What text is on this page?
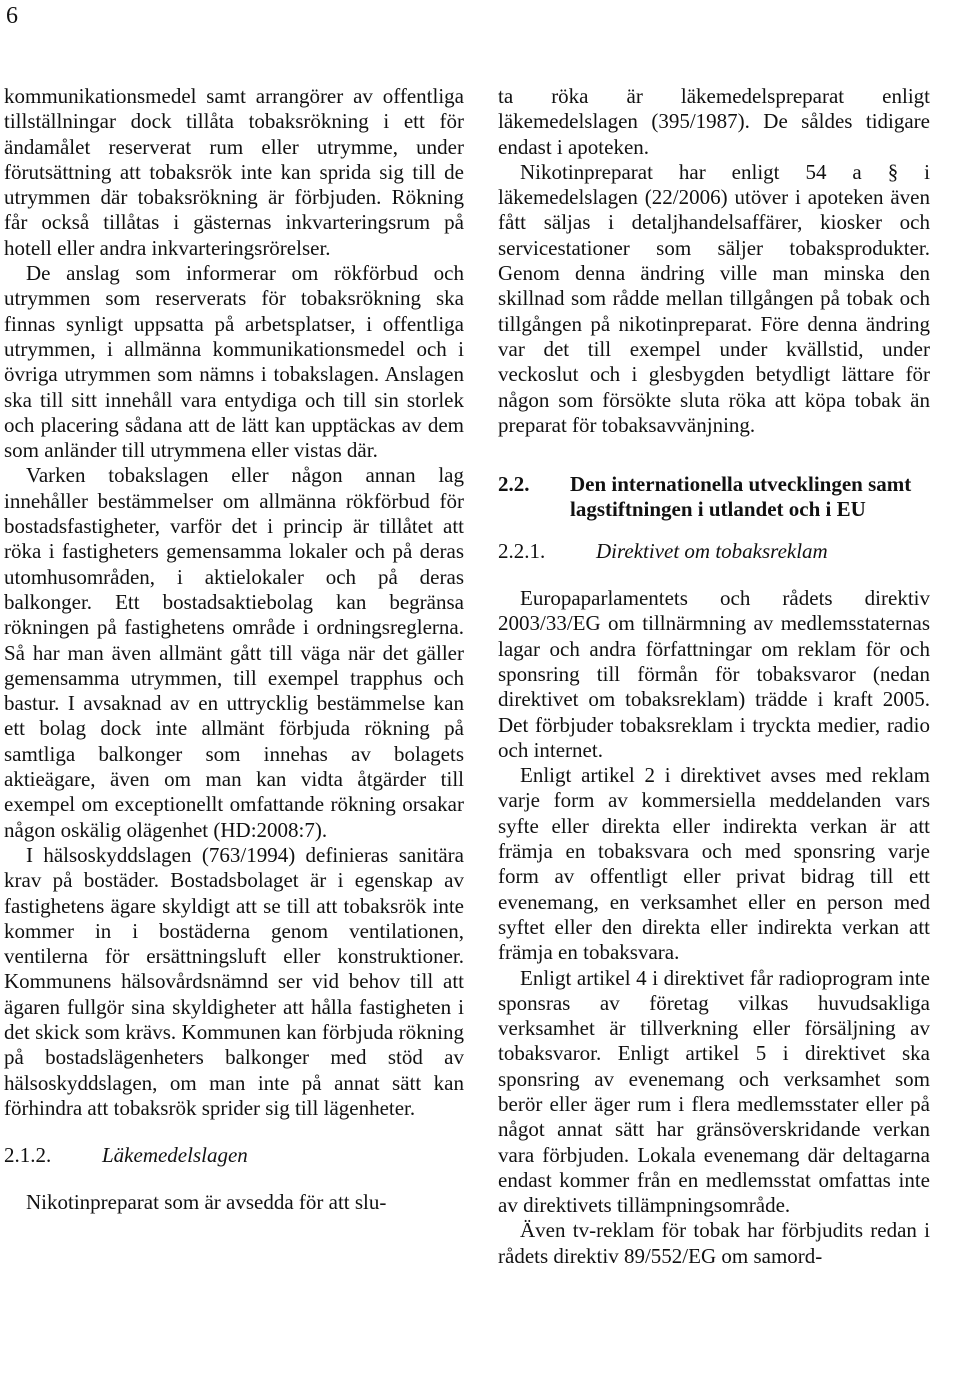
6

kommunikationsmedel samt arrangörer av offentliga tillställningar dock tillåta tobaksrökning i ett för ändamålet reserverat rum eller utrymme, under förutsättning att tobaksrök inte kan sprida sig till de utrymmen där tobaksrökning är förbjuden. Rökning får också tillåtas i gästernas inkvarteringsrum på hotell eller andra inkvarteringsrörelser.

De anslag som informerar om rökförbud och utrymmen som reserverats för tobaksrökning ska finnas synligt uppsatta på arbetsplatser, i offentliga utrymmen, i allmänna kommunikationsmedel och i övriga utrymmen som nämns i tobakslagen. Anslagen ska till sitt innehåll vara entydiga och till sin storlek och placering sådana att de lätt kan upptäckas av dem som anländer till utrymmena eller vistas där.

Varken tobakslagen eller någon annan lag innehåller bestämmelser om allmänna rökförbud för bostadsfastigheter, varför det i princip är tillåtet att röka i fastigheters gemensamma lokaler och på deras utomhusområden, i aktielokaler och på deras balkonger. Ett bostadsaktiebolag kan begränsa rökningen på fastighetens område i ordningsreglerna. Så har man även allmänt gått till väga när det gäller gemensamma utrymmen, till exempel trapphus och bastur. I avsaknad av en uttrycklig bestämmelse kan ett bolag dock inte allmänt förbjuda rökning på samtliga balkonger som innehas av bolagets aktieägare, även om man kan vidta åtgärder till exempel om exceptionellt omfattande rökning orsakar någon oskälig olägenhet (HD:2008:7).

I hälsoskyddslagen (763/1994) definieras sanitära krav på bostäder. Bostadsbolaget är i egenskap av fastighetens ägare skyldigt att se till att tobaksrök inte kommer in i bostäderna genom ventilationen, ventilerna för ersättningsluft eller konstruktioner. Kommunens hälsovårdsnämnd ser vid behov till att ägaren fullgör sina skyldigheter att hålla fastigheten i det skick som krävs. Kommunen kan förbjuda rökning på bostadslägenheters balkonger med stöd av hälsoskyddslagen, om man inte på annat sätt kan förhindra att tobaksrök sprider sig till lägenheter.

2.1.2.	Läkemedelslagen

Nikotinpreparat som är avsedda för att slu-

ta röka är läkemedelspreparat enligt läkemedelslagen (395/1987). De såldes tidigare endast i apoteken.

Nikotinpreparat har enligt 54 a § i läkemedelslagen (22/2006) utöver i apoteken även fått säljas i detaljhandelsaffärer, kiosker och servicestationer som säljer tobaksprodukter. Genom denna ändring ville man minska den skillnad som rådde mellan tillgången på tobak och tillgången på nikotinpreparat. Före denna ändring var det till exempel under kvällstid, under veckoslut och i glesbygden betydligt lättare för någon som försökte sluta röka att köpa tobak än preparat för tobaksavvänjning.

2.2.	Den internationella utvecklingen samt lagstiftningen i utlandet och i EU
2.2.1.	Direktivet om tobaksreklam

Europaparlamentets och rådets direktiv 2003/33/EG om tillnärmning av medlemsstaternas lagar och andra författningar om reklam för och sponsring till förmån för tobaksvaror (nedan direktivet om tobaksreklam) trädde i kraft 2005. Det förbjuder tobaksreklam i tryckta medier, radio och internet.

Enligt artikel 2 i direktivet avses med reklam varje form av kommersiella meddelanden vars syfte eller direkta eller indirekta verkan är att främja en tobaksvara och med sponsring varje form av offentligt eller privat bidrag till ett evenemang, en verksamhet eller en person med syftet eller den direkta eller indirekta verkan att främja en tobaksvara.

Enligt artikel 4 i direktivet får radioprogram inte sponsras av företag vilkas huvudsakliga verksamhet är tillverkning eller försäljning av tobaksvaror. Enligt artikel 5 i direktivet ska sponsring av evenemang och verksamhet som berör eller äger rum i flera medlemsstater eller på något annat sätt har gränsöverskridande verkan vara förbjuden. Lokala evenemang där deltagarna endast kommer från en medlemsstat omfattas inte av direktivets tillämpningsområde.

Även tv-reklam för tobak har förbjudits redan i rådets direktiv 89/552/EG om samord-
